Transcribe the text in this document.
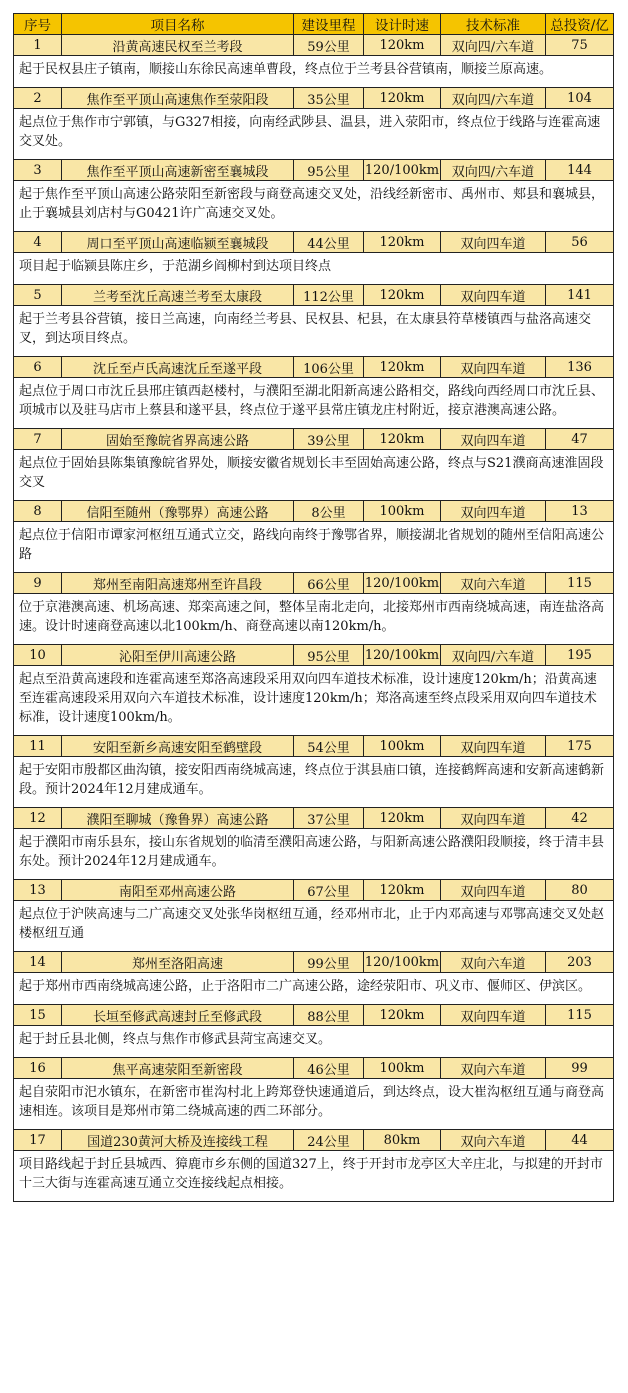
序号	项目名称	建设里程	设计时速	技术标准	总投资/亿
1	沿黄高速民权至兰考段	59公里	120km	双向四/六车道	75
起于民权县庄子镇南，顺接山东徐民高速单曹段，终点位于兰考县谷营镇南，顺接兰原高速。					
2	焦作至平顶山高速焦作至荥阳段	35公里	120km	双向四/六车道	104
起点位于焦作市宁郭镇，与G327相接，向南经武陟县、温县，进入荥阳市，终点位于线路与连霍高速交叉处。					
3	焦作至平顶山高速新密至襄城段	95公里	120/100km	双向四/六车道	144
起于焦作至平顶山高速公路荥阳至新密段与商登高速交叉处，沿线经新密市、禹州市、郏县和襄城县，止于襄城县刘店村与G0421许广高速交叉处。					
4	周口至平顶山高速临颍至襄城段	44公里	120km	双向四车道	56
项目起于临颍县陈庄乡，于范湖乡阎柳村到达项目终点					
5	兰考至沈丘高速兰考至太康段	112公里	120km	双向四车道	141
起于兰考县谷营镇，接日兰高速，向南经兰考县、民权县、杞县，在太康县符草楼镇西与盐洛高速交叉，到达项目终点。					
6	沈丘至卢氏高速沈丘至遂平段	106公里	120km	双向四车道	136
起点位于周口市沈丘县邢庄镇西赵楼村，与濮阳至湖北阳新高速公路相交，路线向西经周口市沈丘县、项城市以及驻马店市上蔡县和遂平县，终点位于遂平县常庄镇龙庄村附近，接京港澳高速公路。					
7	固始至豫皖省界高速公路	39公里	120km	双向四车道	47
起点位于固始县陈集镇豫皖省界处，顺接安徽省规划长丰至固始高速公路，终点与S21濮商高速淮固段交叉					
8	信阳至随州（豫鄂界）高速公路	8公里	100km	双向四车道	13
起点位于信阳市谭家河枢纽互通式立交，路线向南终于豫鄂省界，顺接湖北省规划的随州至信阳高速公路					
9	郑州至南阳高速郑州至许昌段	66公里	120/100km	双向六车道	115
位于京港澳高速、机场高速、郑栾高速之间，整体呈南北走向，北接郑州市西南绕城高速，南连盐洛高速。设计时速商登高速以北100km/h、商登高速以南120km/h。					
10	沁阳至伊川高速公路	95公里	120/100km	双向四/六车道	195
起点至沿黄高速段和连霍高速至郑洛高速段采用双向四车道技术标准，设计速度120km/h；沿黄高速至连霍高速段采用双向六车道技术标准，设计速度120km/h；郑洛高速至终点段采用双向四车道技术标准，设计速度100km/h。					
11	安阳至新乡高速安阳至鹤壁段	54公里	100km	双向四车道	175
起于安阳市殷都区曲沟镇，接安阳西南绕城高速，终点位于淇县庙口镇，连接鹤辉高速和安新高速鹤新段。预计2024年12月建成通车。					
12	濮阳至聊城（豫鲁界）高速公路	37公里	120km	双向四车道	42
起于濮阳市南乐县东，接山东省规划的临清至濮阳高速公路，与阳新高速公路濮阳段顺接，终于清丰县东处。预计2024年12月建成通车。					
13	南阳至邓州高速公路	67公里	120km	双向四车道	80
起点位于沪陕高速与二广高速交叉处张华岗枢纽互通，经邓州市北，止于内邓高速与邓鄂高速交叉处赵楼枢纽互通					
14	郑州至洛阳高速	99公里	120/100km	双向六车道	203
起于郑州市西南绕城高速公路，止于洛阳市二广高速公路，途经荥阳市、巩义市、偃师区、伊滨区。					
15	长垣至修武高速封丘至修武段	88公里	120km	双向四车道	115
起于封丘县北侧，终点与焦作市修武县菏宝高速交叉。					
16	焦平高速荥阳至新密段	46公里	100km	双向六车道	99
起自荥阳市汜水镇东，在新密市崔沟村北上跨郑登快速通道后，到达终点，设大崔沟枢纽互通与商登高速相连。该项目是郑州市第二绕城高速的西二环部分。					
17	国道230黄河大桥及连接线工程	24公里	80km	双向六车道	44
项目路线起于封丘县城西、獐鹿市乡东侧的国道327上，终于开封市龙亭区大辛庄北，与拟建的开封市十三大街与连霍高速互通立交连接线起点相接。					
